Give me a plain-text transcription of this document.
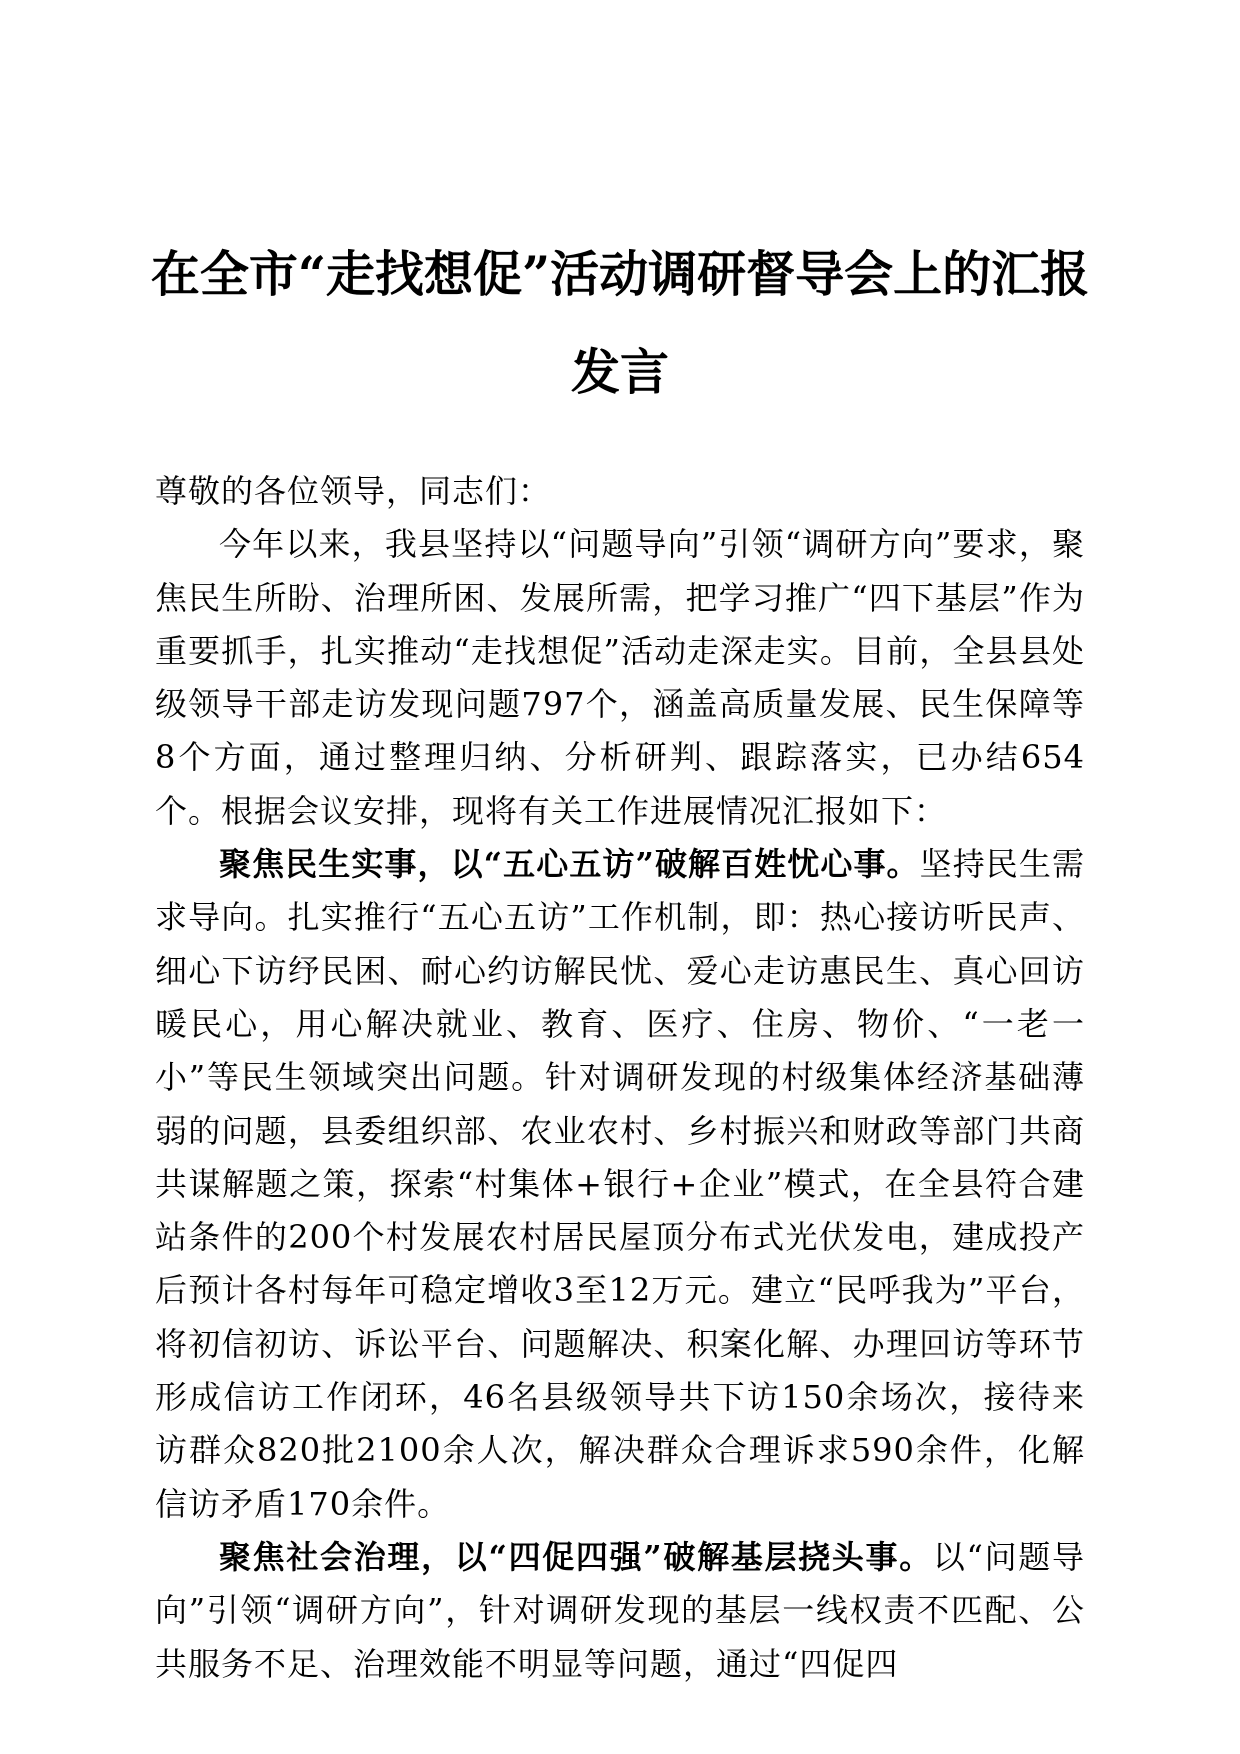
在全市“走找想促”活动调研督导会上的汇报发言

尊敬的各位领导，同志们：

今年以来，我县坚持以“问题导向”引领“调研方向”要求，聚焦民生所盼、治理所困、发展所需，把学习推广“四下基层”作为重要抓手，扎实推动“走找想促”活动走深走实。目前，全县县处级领导干部走访发现问题797个，涵盖高质量发展、民生保障等8个方面，通过整理归纳、分析研判、跟踪落实，已办结654个。根据会议安排，现将有关工作进展情况汇报如下：

聚焦民生实事，以“五心五访”破解百姓忧心事。坚持民生需求导向。扎实推行“五心五访”工作机制，即：热心接访听民声、细心下访纾民困、耐心约访解民忧、爱心走访惠民生、真心回访暖民心，用心解决就业、教育、医疗、住房、物价、“一老一小”等民生领域突出问题。针对调研发现的村级集体经济基础薄弱的问题，县委组织部、农业农村、乡村振兴和财政等部门共商共谋解题之策，探索“村集体+银行+企业”模式，在全县符合建站条件的200个村发展农村居民屋顶分布式光伏发电，建成投产后预计各村每年可稳定增收3至12万元。建立“民呼我为”平台，将初信初访、诉讼平台、问题解决、积案化解、办理回访等环节形成信访工作闭环，46名县级领导共下访150余场次，接待来访群众820批2100余人次，解决群众合理诉求590余件，化解信访矛盾170余件。

聚焦社会治理，以“四促四强”破解基层挠头事。以“问题导向”引领“调研方向”，针对调研发现的基层一线权责不匹配、公共服务不足、治理效能不明显等问题，通过“四促四
